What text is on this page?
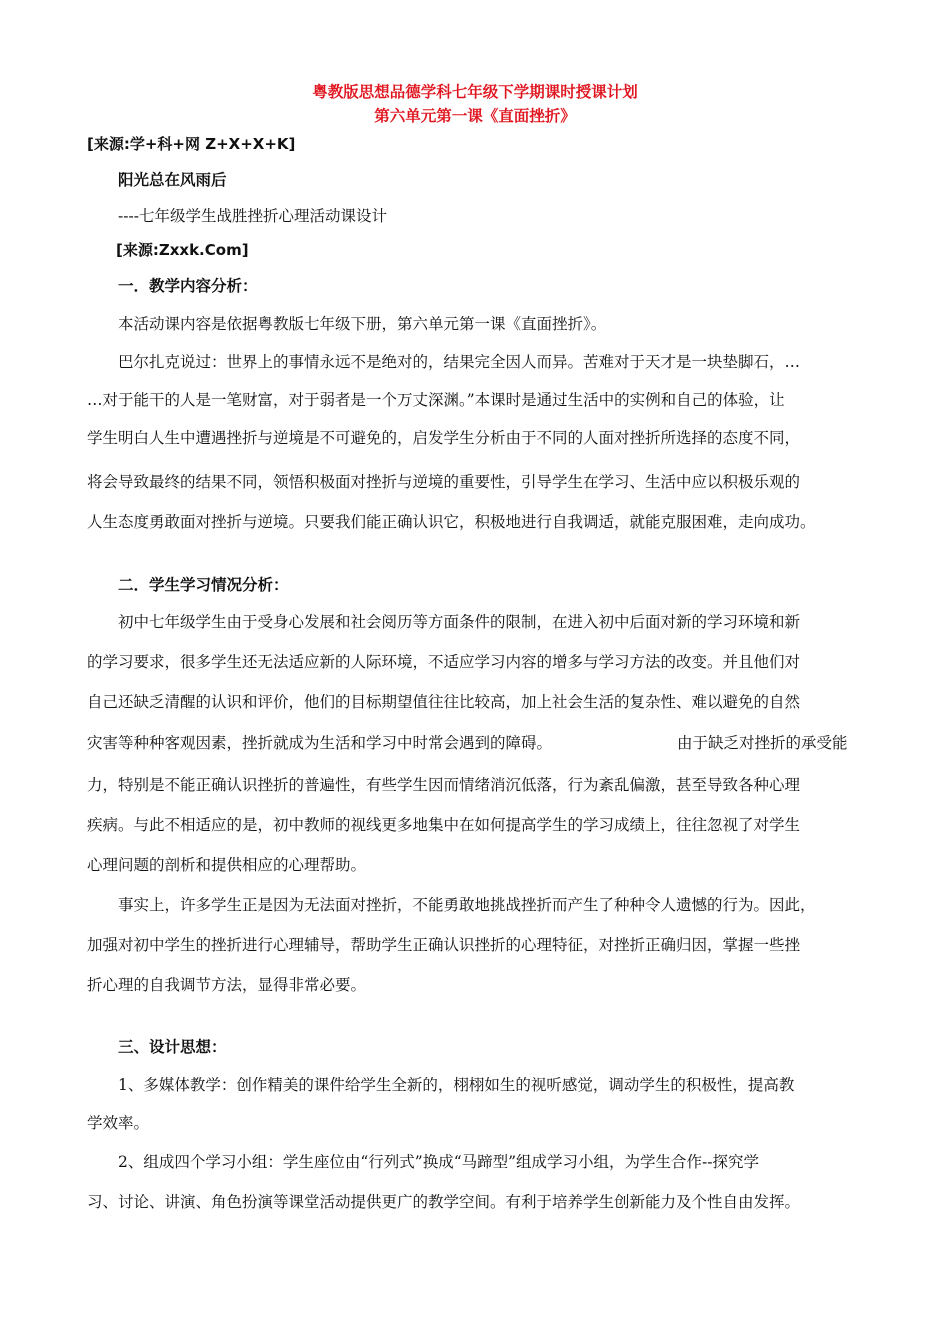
粤教版思想品德学科七年级下学期课时授课计划
第六单元第一课《直面挫折》
[来源:学+科+网 Z+X+X+K]
阳光总在风雨后
----七年级学生战胜挫折心理活动课设计
[来源:Zxxk.Com]
一．教学内容分析：
本活动课内容是依据粤教版七年级下册，第六单元第一课《直面挫折》。
巴尔扎克说过：世界上的事情永远不是绝对的，结果完全因人而异。苦难对于天才是一块垫脚石，…
…对于能干的人是一笔财富，对于弱者是一个万丈深渊。”本课时是通过生活中的实例和自己的体验，让
学生明白人生中遭遇挫折与逆境是不可避免的，启发学生分析由于不同的人面对挫折所选择的态度不同，
将会导致最终的结果不同，领悟积极面对挫折与逆境的重要性，引导学生在学习、生活中应以积极乐观的
人生态度勇敢面对挫折与逆境。只要我们能正确认识它，积极地进行自我调适，就能克服困难，走向成功。
二．学生学习情况分析：
初中七年级学生由于受身心发展和社会阅历等方面条件的限制，在进入初中后面对新的学习环境和新
的学习要求，很多学生还无法适应新的人际环境，不适应学习内容的增多与学习方法的改变。并且他们对
自己还缺乏清醒的认识和评价，他们的目标期望值往往比较高，加上社会生活的复杂性、难以避免的自然
灾害等种种客观因素，挫折就成为生活和学习中时常会遇到的障碍。	由于缺乏对挫折的承受能
力，特别是不能正确认识挫折的普遍性，有些学生因而情绪消沉低落，行为紊乱偏激，甚至导致各种心理
疾病。与此不相适应的是，初中教师的视线更多地集中在如何提高学生的学习成绩上，往往忽视了对学生
心理问题的剖析和提供相应的心理帮助。
事实上，许多学生正是因为无法面对挫折，不能勇敢地挑战挫折而产生了种种令人遗憾的行为。因此，
加强对初中学生的挫折进行心理辅导，帮助学生正确认识挫折的心理特征，对挫折正确归因，掌握一些挫
折心理的自我调节方法，显得非常必要。
三、设计思想：
1、多媒体教学：创作精美的课件给学生全新的，栩栩如生的视听感觉，调动学生的积极性，提高教
学效率。
2、组成四个学习小组：学生座位由“行列式”换成“马蹄型”组成学习小组，为学生合作--探究学
习、讨论、讲演、角色扮演等课堂活动提供更广的教学空间。有利于培养学生创新能力及个性自由发挥。
